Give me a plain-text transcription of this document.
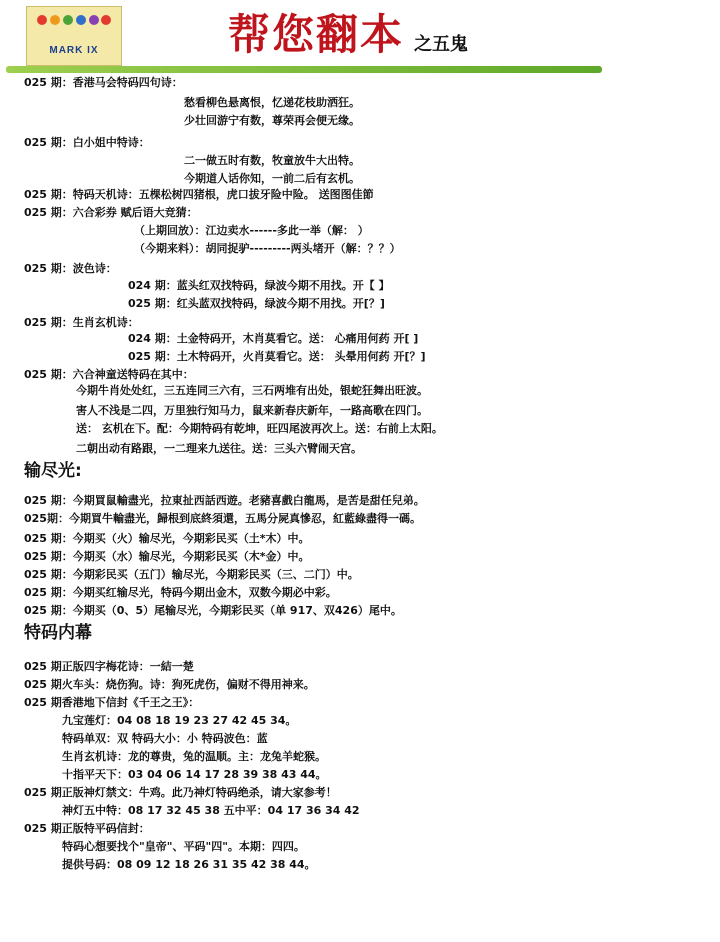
MARK IX	帮您翻本 之五鬼
025 期：香港马会特码四句诗：
愁看柳色悬离恨，忆递花枝助洒狂。
少壮回游宁有数，尊荣再会便无缘。
025 期：白小姐中特诗：
二一做五时有数，牧童放牛大出特。
今期道人话你知，一前二后有玄机。
025 期：特码天机诗：五棵松树四猪根，虎口拔牙险中险。 送图图佳節
025 期：六合彩券 赋后语大竞猜：
（上期回放）：江边卖水------多此一举（解： ）
（今期来料）：胡同捉驴---------两头堵开（解：？？）
025 期：波色诗：
024 期：蓝头红双找特码，绿波今期不用找。开【 】
025 期：红头蓝双找特码，绿波今期不用找。开[？]
025 期：生肖玄机诗：
024 期：土金特码开，木肖莫看它。送： 心痛用何药 开[ ]
025 期：土木特码开，火肖莫看它。送： 头晕用何药 开[？]
025 期：六合神童送特码在其中：
今期牛肖处处红，三五连同三六有，三石两堆有出处，银蛇狂舞出旺波。
害人不浅是二四，万里独行知马力，鼠来新春庆新年，一路高歌在四门。
送： 玄机在下。配：今期特码有乾坤，旺四尾波再次上。送：右前上太阳。
二朝出动有路跟，一二理来九送往。送：三头六臂闹天宫。
输尽光:
025 期：今期買鼠輸盡光，拉東扯西話西遊。老豬喜戲白龍馬，是苦是甜任兒弟。
025期：今期買牛輸盡光，歸根到底終須還，五馬分屍真慘忍，紅藍綠盡得一碼。
025 期：今期买（火）输尽光，今期彩民买（土*木）中。
025 期：今期买（水）输尽光，今期彩民买（木*金）中。
025 期：今期彩民买（五门）输尽光，今期彩民买（三、二门）中。
025 期：今期买红输尽光，特码今期出金木，双数今期必中彩。
025 期：今期买（0、5）尾输尽光，今期彩民买（单 917、双426）尾中。
特码内幕
025 期正版四字梅花诗：一結一楚
025 期火车头：烧伤狗。诗：狗死虎伤，偏财不得用神来。
025 期香港地下信封《千王之王》：
九宝莲灯：04 08 18 19 23 27 42 45 34。
特码单双：双 特码大小：小 特码波色：蓝
生肖玄机诗：龙的尊贵，兔的温顺。主：龙兔羊蛇猴。
十指平天下：03 04 06 14 17 28 39 38 43 44。
025 期正版神灯禁文：牛鸡。此乃神灯特码绝杀，请大家参考！
神灯五中特：08 17 32 45 38 五中平：04 17 36 34 42
025 期正版特平码信封：
特码心想要找个"皇帝"、平码"四"。本期：四四。
提供号码：08 09 12 18 26 31 35 42 38 44。
